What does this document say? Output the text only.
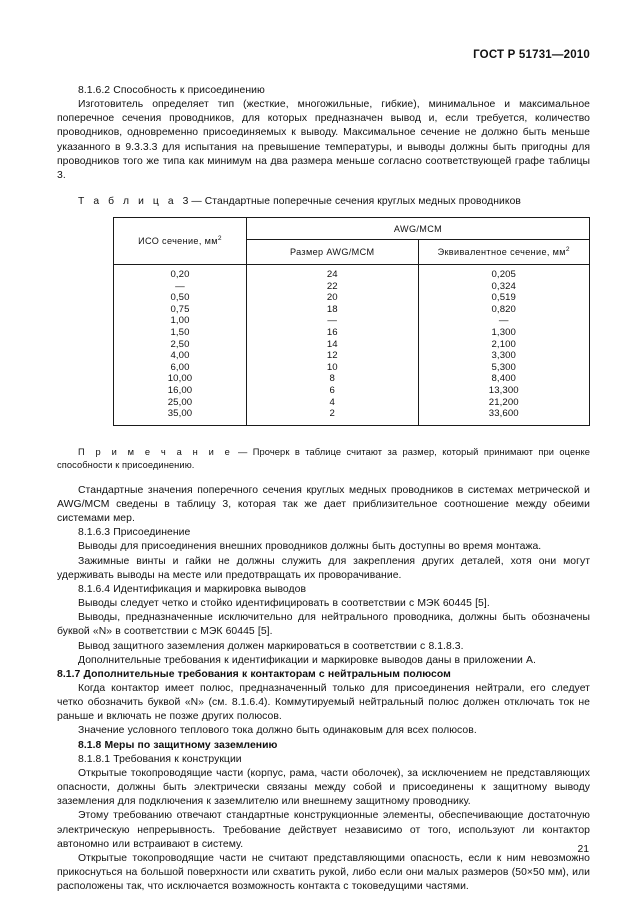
ГОСТ Р 51731—2010

8.1.6.2 Способность к присоединению

Изготовитель определяет тип (жесткие, многожильные, гибкие), минимальное и максимальное поперечное сечения проводников, для которых предназначен вывод и, если требуется, количество проводников, одновременно присоединяемых к выводу. Максимальное сечение не должно быть меньше указанного в 9.3.3.3 для испытания на превышение температуры, и выводы должны быть пригодны для проводников того же типа как минимум на два размера меньше согласно соответствующей графе таблицы 3.

Т а б л и ц а 3 — Стандартные поперечные сечения круглых медных проводников

ИСО сечение, $мм^2$	AWG/MCM	
	Размер AWG/MCM	Эквивалентное сечение, $мм^2$
0,20	24	0,205
—	22	0,324
0,50	20	0,519
0,75	18	0,820
1,00	—	—
1,50	16	1,300
2,50	14	2,100
4,00	12	3,300
6,00	10	5,300
10,00	8	8,400
16,00	6	13,300
25,00	4	21,200
35,00	2	33,600

П р и м е ч а н и е — Прочерк в таблице считают за размер, который принимают при оценке способности к присоединению.

Стандартные значения поперечного сечения круглых медных проводников в системах метрической и AWG/MCM сведены в таблицу 3, которая так же дает приблизительное соотношение между обеими системами мер.

8.1.6.3 Присоединение

Выводы для присоединения внешних проводников должны быть доступны во время монтажа.

Зажимные винты и гайки не должны служить для закрепления других деталей, хотя они могут удерживать выводы на месте или предотвращать их проворачивание.

8.1.6.4 Идентификация и маркировка выводов

Выводы следует четко и стойко идентифицировать в соответствии с МЭК 60445 [5].

Выводы, предназначенные исключительно для нейтрального проводника, должны быть обозначены буквой «N» в соответствии с МЭК 60445 [5].

Вывод защитного заземления должен маркироваться в соответствии с 8.1.8.3.

Дополнительные требования к идентификации и маркировке выводов даны в приложении А.

8.1.7 Дополнительные требования к контакторам с нейтральным полюсом

Когда контактор имеет полюс, предназначенный только для присоединения нейтрали, его следует четко обозначить буквой «N» (см. 8.1.6.4). Коммутируемый нейтральный полюс должен отключать ток не раньше и включать не позже других полюсов.

Значение условного теплового тока должно быть одинаковым для всех полюсов.

8.1.8 Меры по защитному заземлению

8.1.8.1 Требования к конструкции

Открытые токопроводящие части (корпус, рама, части оболочек), за исключением не представляющих опасности, должны быть электрически связаны между собой и присоединены к защитному выводу заземления для подключения к заземлителю или внешнему защитному проводнику.

Этому требованию отвечают стандартные конструкционные элементы, обеспечивающие достаточную электрическую непрерывность. Требование действует независимо от того, используют ли контактор автономно или встраивают в систему.

Открытые токопроводящие части не считают представляющими опасность, если к ним невозможно прикоснуться на большой поверхности или схватить рукой, либо если они малых размеров (50×50 мм), или расположены так, что исключается возможность контакта с токоведущими частями.

21
